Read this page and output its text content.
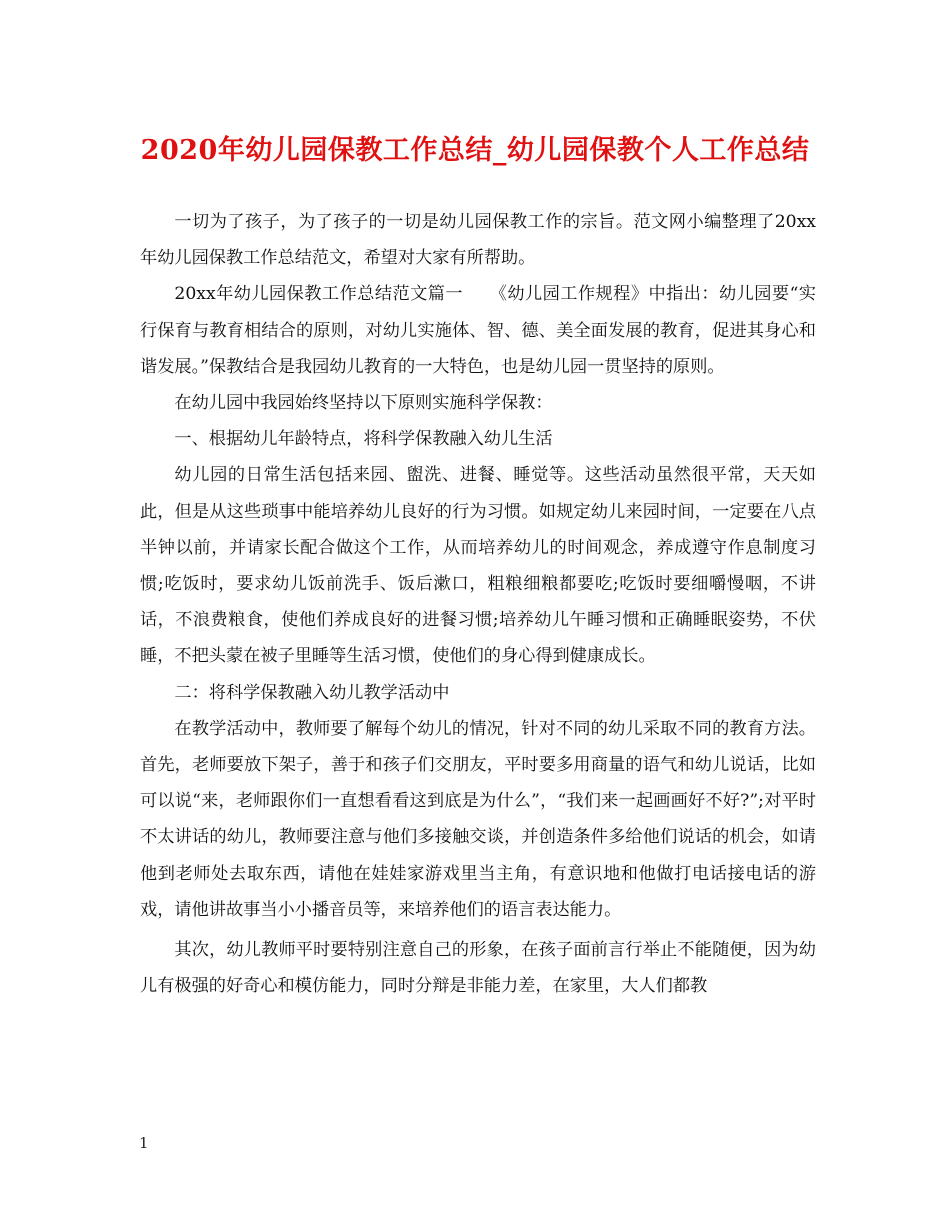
2020年幼儿园保教工作总结_幼儿园保教个人工作总结

一切为了孩子，为了孩子的一切是幼儿园保教工作的宗旨。范文网小编整理了20xx年幼儿园保教工作总结范文，希望对大家有所帮助。

20xx年幼儿园保教工作总结范文篇一　　《幼儿园工作规程》中指出：幼儿园要“实行保育与教育相结合的原则，对幼儿实施体、智、德、美全面发展的教育，促进其身心和谐发展。”保教结合是我园幼儿教育的一大特色，也是幼儿园一贯坚持的原则。

在幼儿园中我园始终坚持以下原则实施科学保教：

一、根据幼儿年龄特点，将科学保教融入幼儿生活

幼儿园的日常生活包括来园、盥洗、进餐、睡觉等。这些活动虽然很平常，天天如此，但是从这些琐事中能培养幼儿良好的行为习惯。如规定幼儿来园时间，一定要在八点半钟以前，并请家长配合做这个工作，从而培养幼儿的时间观念，养成遵守作息制度习惯;吃饭时，要求幼儿饭前洗手、饭后漱口，粗粮细粮都要吃;吃饭时要细嚼慢咽，不讲话，不浪费粮食，使他们养成良好的进餐习惯;培养幼儿午睡习惯和正确睡眠姿势，不伏睡，不把头蒙在被子里睡等生活习惯，使他们的身心得到健康成长。

二：将科学保教融入幼儿教学活动中

在教学活动中，教师要了解每个幼儿的情况，针对不同的幼儿采取不同的教育方法。首先，老师要放下架子，善于和孩子们交朋友，平时要多用商量的语气和幼儿说话，比如可以说“来，老师跟你们一直想看看这到底是为什么”，“我们来一起画画好不好?”;对平时不太讲话的幼儿，教师要注意与他们多接触交谈，并创造条件多给他们说话的机会，如请他到老师处去取东西，请他在娃娃家游戏里当主角，有意识地和他做打电话接电话的游戏，请他讲故事当小小播音员等，来培养他们的语言表达能力。

其次，幼儿教师平时要特别注意自己的形象，在孩子面前言行举止不能随便，因为幼儿有极强的好奇心和模仿能力，同时分辩是非能力差，在家里，大人们都教

1
